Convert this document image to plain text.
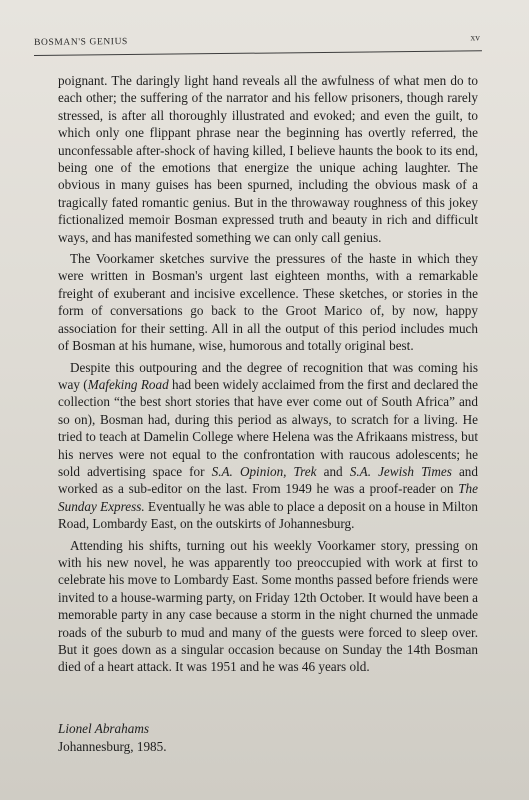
BOSMAN'S GENIUS	xv

poignant. The daringly light hand reveals all the awfulness of what men do to each other; the suffering of the narrator and his fellow prisoners, though rarely stressed, is after all thoroughly illustrated and evoked; and even the guilt, to which only one flippant phrase near the beginning has overtly referred, the unconfessable after-shock of having killed, I believe haunts the book to its end, being one of the emotions that energize the unique aching laughter. The obvious in many guises has been spurned, including the obvious mask of a tragically fated romantic genius. But in the throwaway roughness of this jokey fictionalized memoir Bosman expressed truth and beauty in rich and difficult ways, and has manifested something we can only call genius.

The Voorkamer sketches survive the pressures of the haste in which they were written in Bosman's urgent last eighteen months, with a remarkable freight of exuberant and incisive excellence. These sketches, or stories in the form of conversations go back to the Groot Marico of, by now, happy association for their setting. All in all the output of this period includes much of Bosman at his humane, wise, humorous and totally original best.

Despite this outpouring and the degree of recognition that was coming his way (Mafeking Road had been widely acclaimed from the first and declared the collection “the best short stories that have ever come out of South Africa” and so on), Bosman had, during this period as always, to scratch for a living. He tried to teach at Damelin College where Helena was the Afrikaans mistress, but his nerves were not equal to the confrontation with raucous adolescents; he sold advertising space for S.A. Opinion, Trek and S.A. Jewish Times and worked as a sub-editor on the last. From 1949 he was a proof-reader on The Sunday Express. Eventually he was able to place a deposit on a house in Milton Road, Lombardy East, on the outskirts of Johannesburg.

Attending his shifts, turning out his weekly Voorkamer story, pressing on with his new novel, he was apparently too preoccupied with work at first to celebrate his move to Lombardy East. Some months passed before friends were invited to a house-warming party, on Friday 12th October. It would have been a memorable party in any case because a storm in the night churned the unmade roads of the suburb to mud and many of the guests were forced to sleep over. But it goes down as a singular occasion because on Sunday the 14th Bosman died of a heart attack. It was 1951 and he was 46 years old.

Lionel Abrahams
Johannesburg, 1985.
